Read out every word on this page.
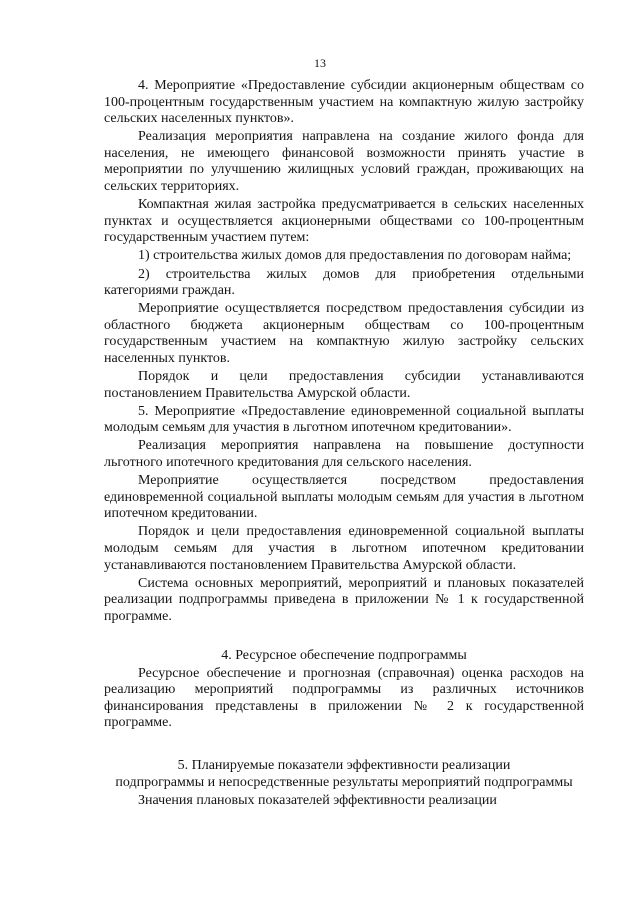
13

4. Мероприятие «Предоставление субсидии акционерным обществам со 100-процентным государственным участием на компактную жилую застройку сельских населенных пунктов».

Реализация мероприятия направлена на создание жилого фонда для населения, не имеющего финансовой возможности принять участие в мероприятии по улучшению жилищных условий граждан, проживающих на сельских территориях.

Компактная жилая застройка предусматривается в сельских населенных пунктах и осуществляется акционерными обществами со 100-процентным государственным участием путем:

1) строительства жилых домов для предоставления по договорам найма;

2) строительства жилых домов для приобретения отдельными категориями граждан.

Мероприятие осуществляется посредством предоставления субсидии из областного бюджета акционерным обществам со 100-процентным государственным участием на компактную жилую застройку сельских населенных пунктов.

Порядок и цели предоставления субсидии устанавливаются постановлением Правительства Амурской области.

5. Мероприятие «Предоставление единовременной социальной выплаты молодым семьям для участия в льготном ипотечном кредитовании».

Реализация мероприятия направлена на повышение доступности льготного ипотечного кредитования для сельского населения.

Мероприятие осуществляется посредством предоставления единовременной социальной выплаты молодым семьям для участия в льготном ипотечном кредитовании.

Порядок и цели предоставления единовременной социальной выплаты молодым семьям для участия в льготном ипотечном кредитовании устанавливаются постановлением Правительства Амурской области.

Система основных мероприятий, мероприятий и плановых показателей реализации подпрограммы приведена в приложении № 1 к государственной программе.

4. Ресурсное обеспечение подпрограммы

Ресурсное обеспечение и прогнозная (справочная) оценка расходов на реализацию мероприятий подпрограммы из различных источников финансирования представлены в приложении № 2 к государственной программе.

5. Планируемые показатели эффективности реализации
подпрограммы и непосредственные результаты мероприятий подпрограммы

Значения плановых показателей эффективности реализации
